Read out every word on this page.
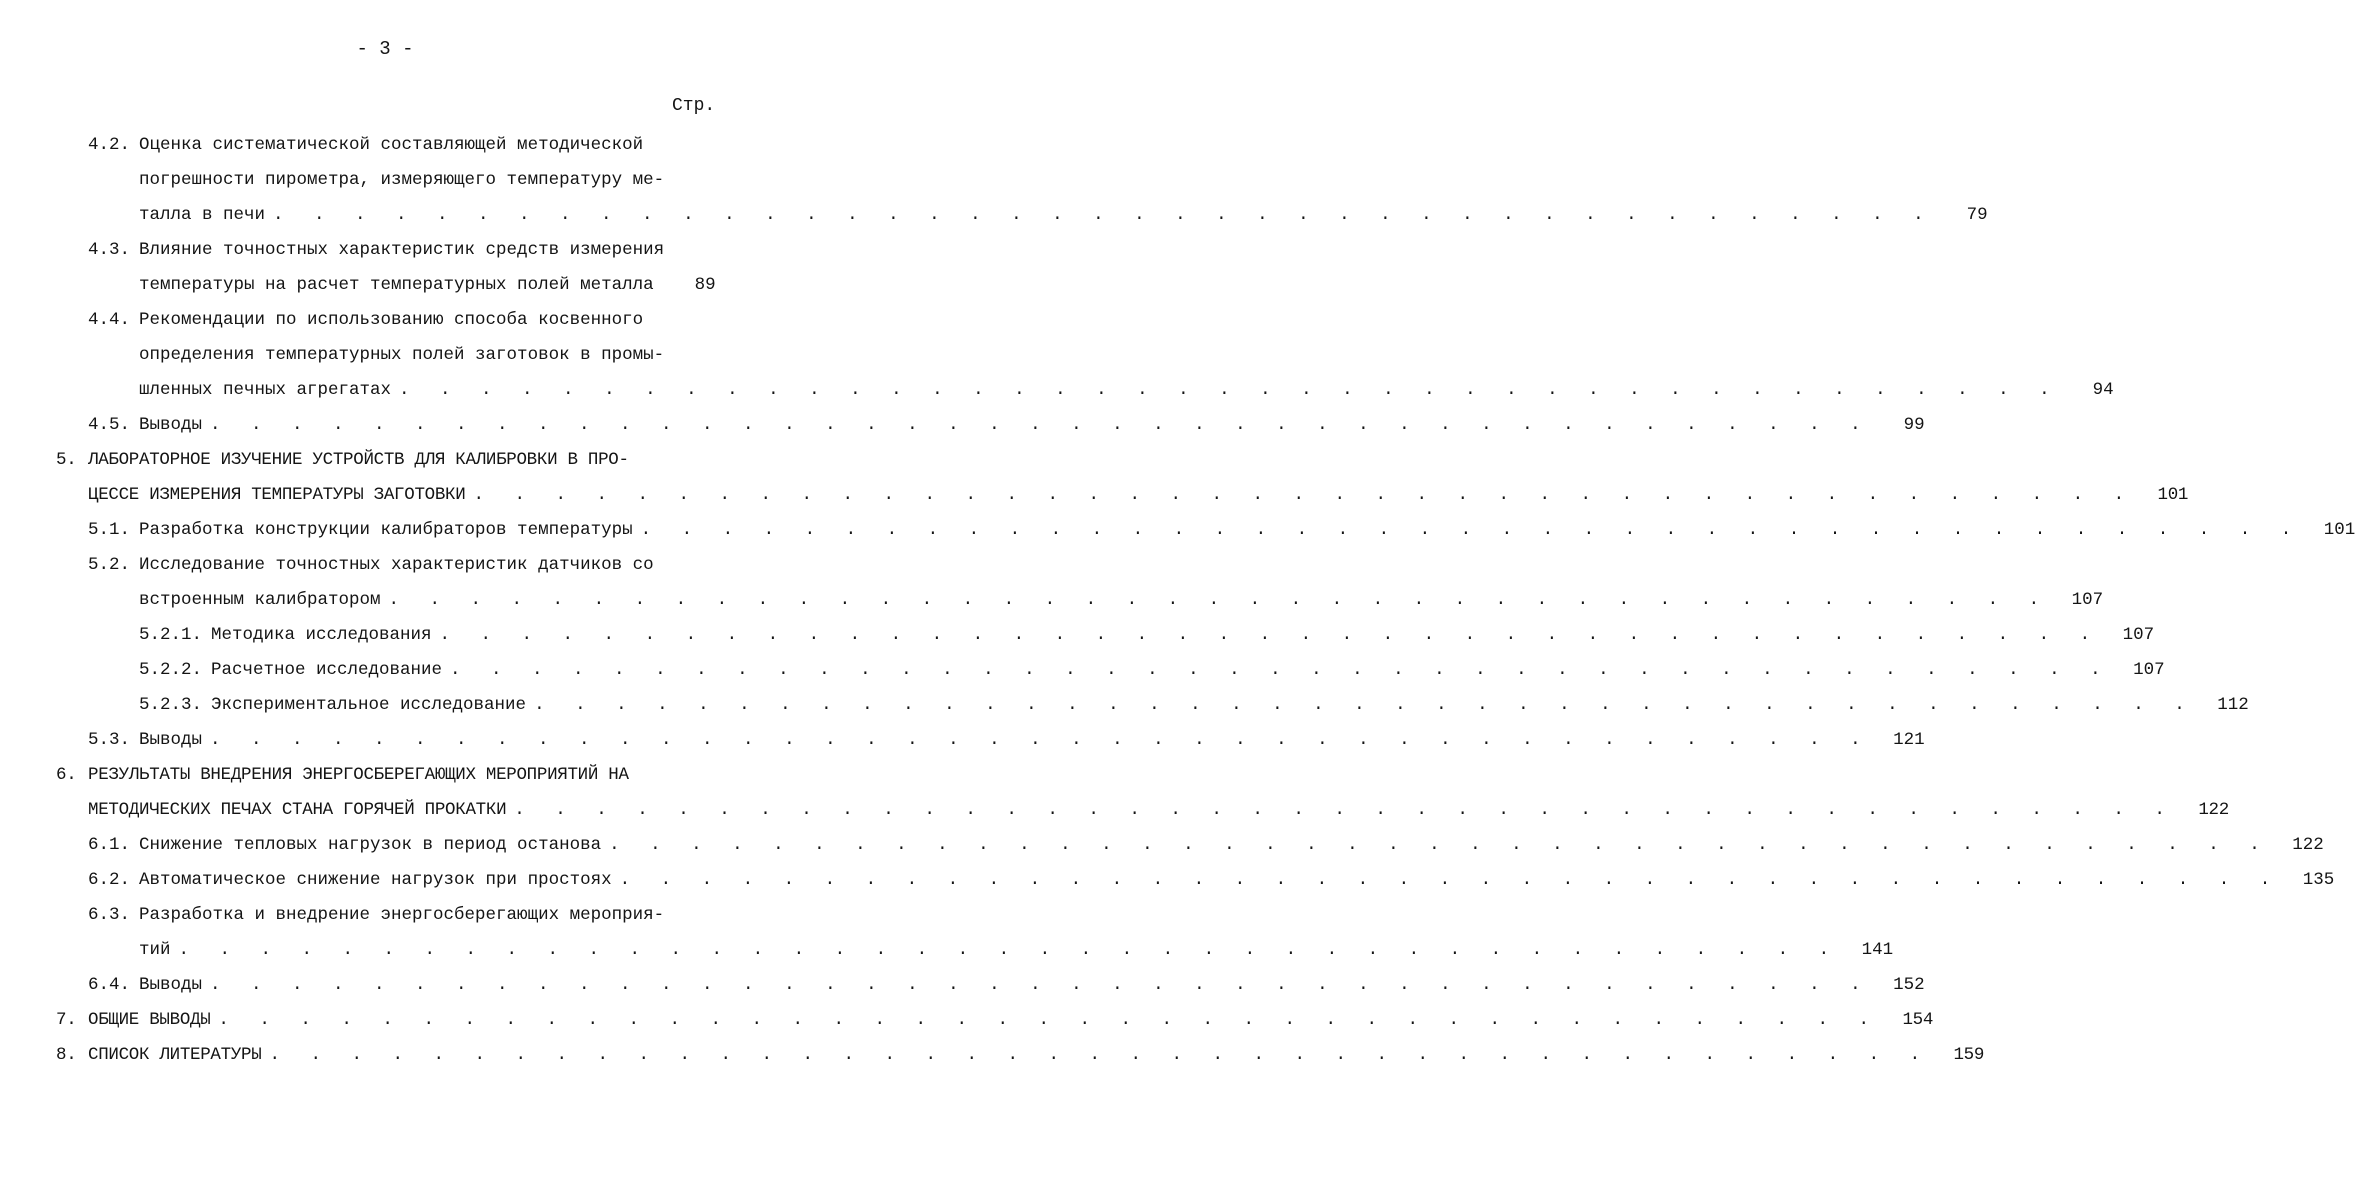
- 3 -
Стр.
4.2. Оценка систематической составляющей методической
погрешности пирометра, измеряющего температуру ме-
талла в печи . . . . . . . . . . . . . . . . . . . . . . . . . . . . . . . . . . . . . . . . .	79
4.3. Влияние точностных характеристик средств измерения
температуры на расчет температурных полей металла	89
4.4. Рекомендации по использованию способа косвенного
определения температурных полей заготовок в промы-
шленных печных агрегатах . . . . . . . . . . . . . . . . . . . . . . . . . . . . . . . . . . . . . . . . .	94
4.5. Выводы . . . . . . . . . . . . . . . . . . . . . . . . . . . . . . . . . . . . . . . . .	99
5. ЛАБОРАТОРНОЕ ИЗУЧЕНИЕ УСТРОЙСТВ ДЛЯ КАЛИБРОВКИ В ПРО-
ЦЕССЕ ИЗМЕРЕНИЯ ТЕМПЕРАТУРЫ ЗАГОТОВКИ . . . . . . . . . . . . . . . . . . . . . . . . . . . . . . . . . . . . . . . . .	101
5.1. Разработка конструкции калибраторов температуры . . . . . . . . . . . . . . . . . . . . . . . . . . . . . . . . . . . . . . . . .	101
5.2. Исследование точностных характеристик датчиков со
встроенным калибратором . . . . . . . . . . . . . . . . . . . . . . . . . . . . . . . . . . . . . . . . .	107
5.2.1. Методика исследования . . . . . . . . . . . . . . . . . . . . . . . . . . . . . . . . . . . . . . . . .	107
5.2.2. Расчетное исследование . . . . . . . . . . . . . . . . . . . . . . . . . . . . . . . . . . . . . . . . .	107
5.2.3. Экспериментальное исследование . . . . . . . . . . . . . . . . . . . . . . . . . . . . . . . . . . . . . . . . .	112
5.3. Выводы . . . . . . . . . . . . . . . . . . . . . . . . . . . . . . . . . . . . . . . . .	121
6. РЕЗУЛЬТАТЫ ВНЕДРЕНИЯ ЭНЕРГОСБЕРЕГАЮЩИХ МЕРОПРИЯТИЙ НА
МЕТОДИЧЕСКИХ ПЕЧАХ СТАНА ГОРЯЧЕЙ ПРОКАТКИ . . . . . . . . . . . . . . . . . . . . . . . . . . . . . . . . . . . . . . . . .	122
6.1. Снижение тепловых нагрузок в период останова . . . . . . . . . . . . . . . . . . . . . . . . . . . . . . . . . . . . . . . . .	122
6.2. Автоматическое снижение нагрузок при простоях . . . . . . . . . . . . . . . . . . . . . . . . . . . . . . . . . . . . . . . . .	135
6.3. Разработка и внедрение энергосберегающих мероприя-
тий . . . . . . . . . . . . . . . . . . . . . . . . . . . . . . . . . . . . . . . . .	141
6.4. Выводы . . . . . . . . . . . . . . . . . . . . . . . . . . . . . . . . . . . . . . . . .	152
7. ОБЩИЕ ВЫВОДЫ . . . . . . . . . . . . . . . . . . . . . . . . . . . . . . . . . . . . . . . . .	154
8. СПИСОК ЛИТЕРАТУРЫ . . . . . . . . . . . . . . . . . . . . . . . . . . . . . . . . . . . . . . . . .	159
